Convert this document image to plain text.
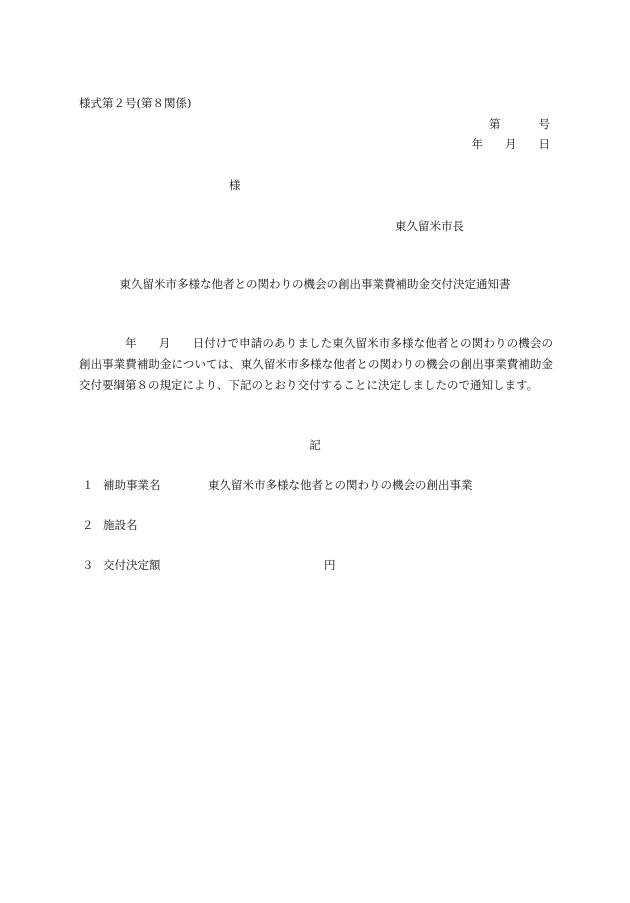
様式第２号(第８関係)
第	号
年 月 日
様
東久留米市長
東久留米市多様な他者との関わりの機会の創出事業費補助金交付決定通知書
年 月 日付けで申請のありました東久留米市多様な他者との関わりの機会の創出事業費補助金については、東久留米市多様な他者との関わりの機会の創出事業費補助金交付要綱第８の規定により、下記のとおり交付することに決定しましたので通知します。
記
１ 補助事業名	東久留米市多様な他者との関わりの機会の創出事業
２ 施設名
３ 交付決定額	円
